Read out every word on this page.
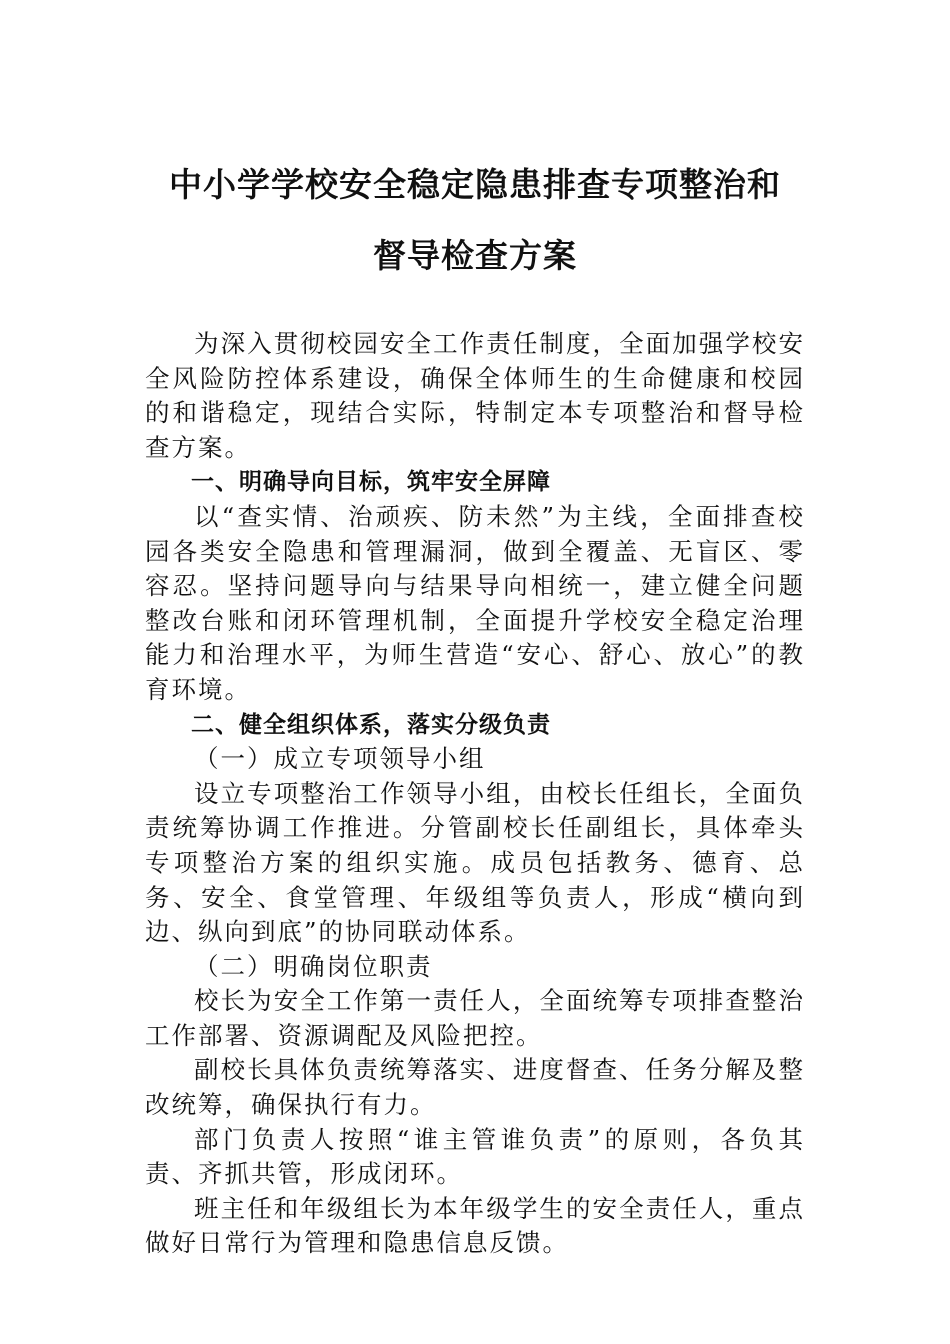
中小学学校安全稳定隐患排查专项整治和
督导检查方案

为深入贯彻校园安全工作责任制度，全面加强学校安全风险防控体系建设，确保全体师生的生命健康和校园的和谐稳定，现结合实际，特制定本专项整治和督导检查方案。

一、明确导向目标，筑牢安全屏障

以“查实情、治顽疾、防未然”为主线，全面排查校园各类安全隐患和管理漏洞，做到全覆盖、无盲区、零容忍。坚持问题导向与结果导向相统一，建立健全问题整改台账和闭环管理机制，全面提升学校安全稳定治理能力和治理水平，为师生营造“安心、舒心、放心”的教育环境。

二、健全组织体系，落实分级负责

（一）成立专项领导小组

设立专项整治工作领导小组，由校长任组长，全面负责统筹协调工作推进。分管副校长任副组长，具体牵头专项整治方案的组织实施。成员包括教务、德育、总务、安全、食堂管理、年级组等负责人，形成“横向到边、纵向到底”的协同联动体系。

（二）明确岗位职责

校长为安全工作第一责任人，全面统筹专项排查整治工作部署、资源调配及风险把控。

副校长具体负责统筹落实、进度督查、任务分解及整改统筹，确保执行有力。

部门负责人按照“谁主管谁负责”的原则，各负其责、齐抓共管，形成闭环。

班主任和年级组长为本年级学生的安全责任人，重点做好日常行为管理和隐患信息反馈。
